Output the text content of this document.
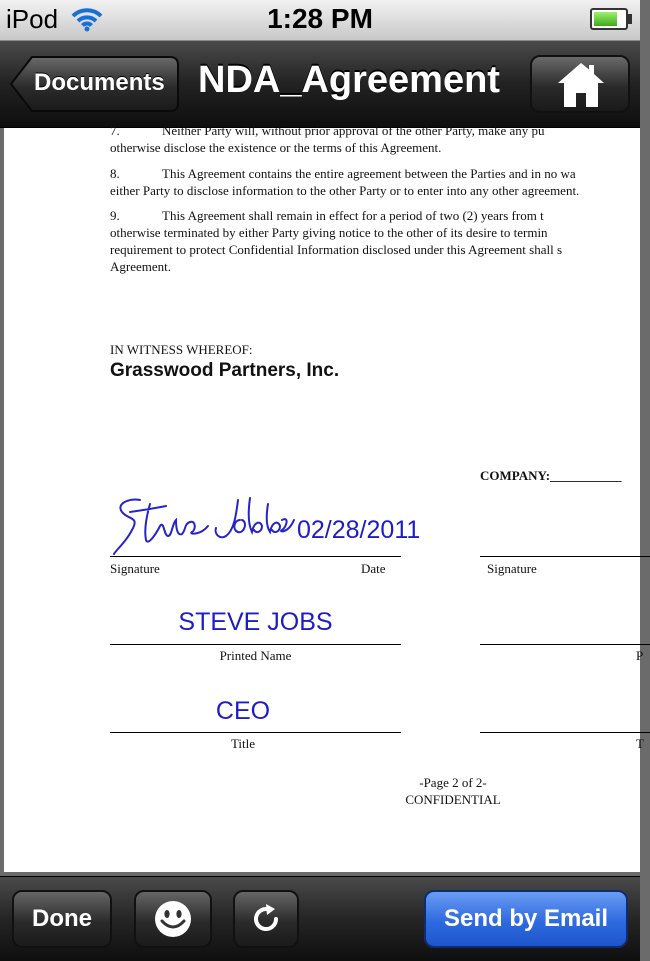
iPod	1:28 PM
Documents NDA_Agreement
7.	Neither Party will, without prior approval of the other Party, make any pu
otherwise disclose the existence or the terms of this Agreement.
8.	This Agreement contains the entire agreement between the Parties and in no wa
either Party to disclose information to the other Party or to enter into any other agreement.
9.	This Agreement shall remain in effect for a period of two (2) years from t
otherwise terminated by either Party giving notice to the other of its desire to termin
requirement to protect Confidential Information disclosed under this Agreement shall s
Agreement.
IN WITNESS WHEREOF:
Grasswood Partners, Inc.
COMPANY:___________
02/28/2011
Signature	Date	Signature
STEVE JOBS
Printed Name	P
CEO
Title	T
-Page 2 of 2-
CONFIDENTIAL
Done	Send by Email
